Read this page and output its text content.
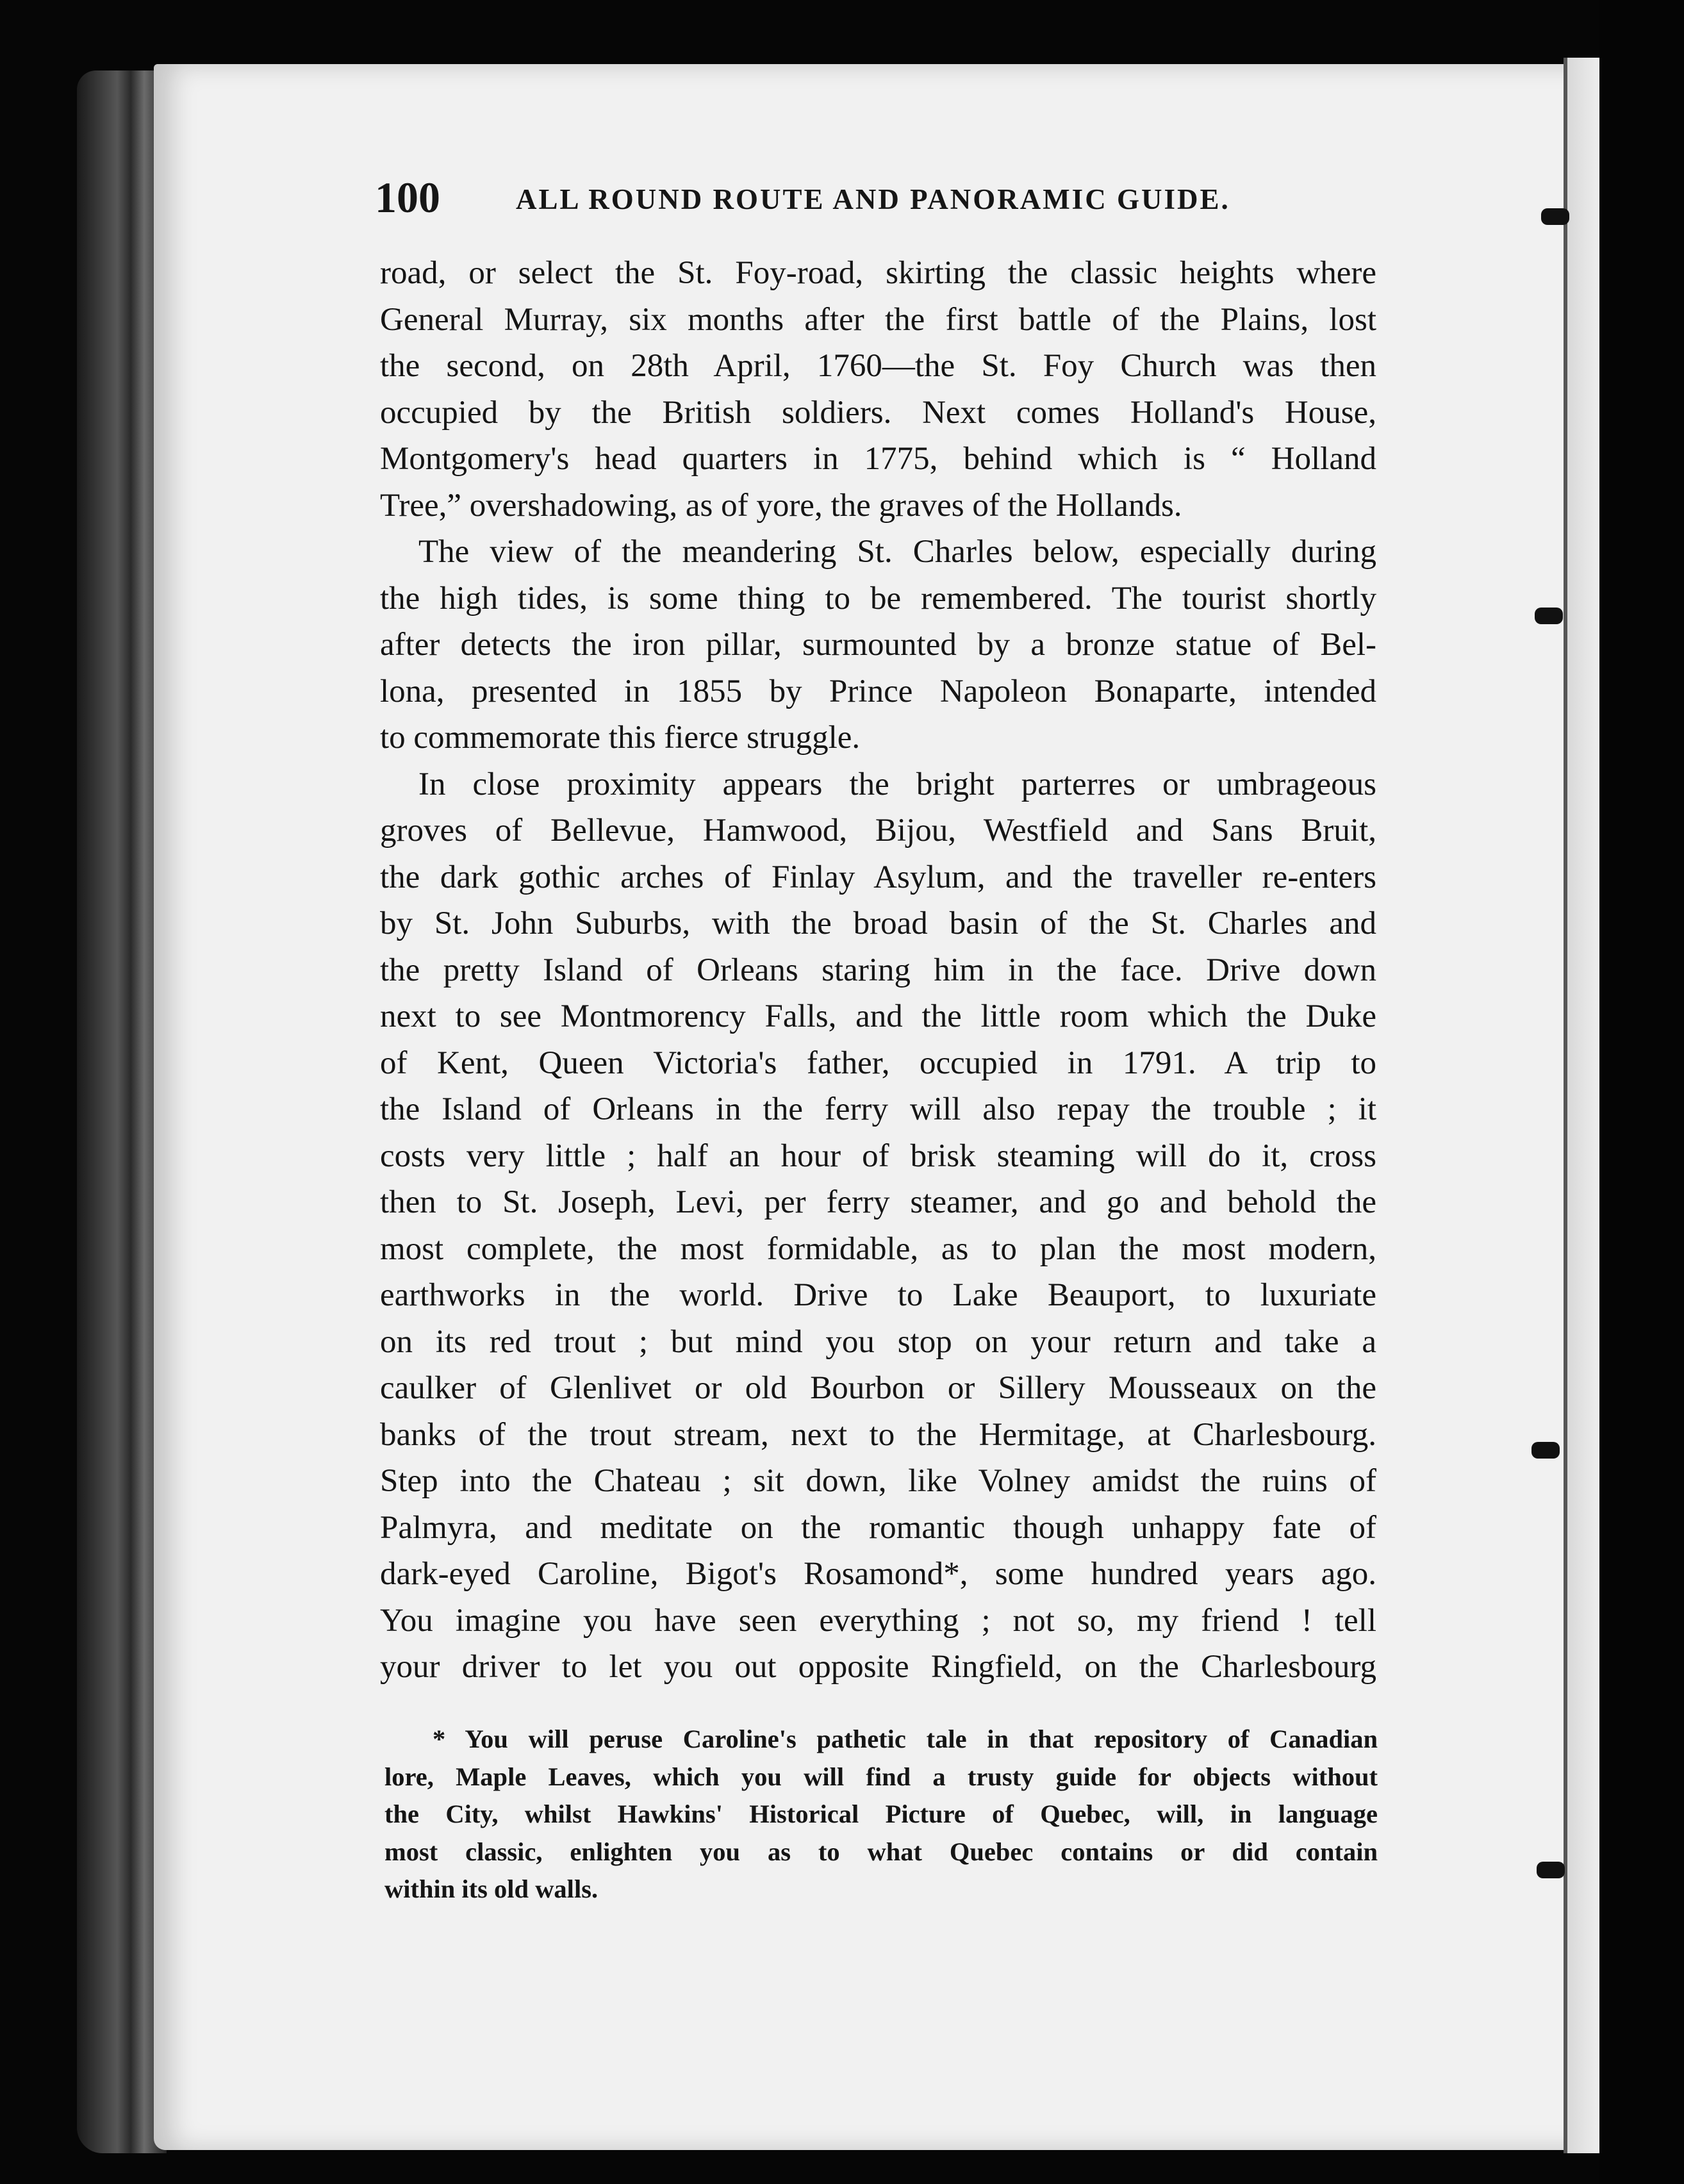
100	ALL ROUND ROUTE AND PANORAMIC GUIDE.
road, or select the St. Foy-road, skirting the classic heights where
General Murray, six months after the first battle of the Plains, lost
the second, on 28th April, 1760—the St. Foy Church was then
occupied by the British soldiers. Next comes Holland's House,
Montgomery's head quarters in 1775, behind which is “ Holland
Tree,” overshadowing, as of yore, the graves of the Hollands.
The view of the meandering St. Charles below, especially during
the high tides, is some thing to be remembered. The tourist shortly
after detects the iron pillar, surmounted by a bronze statue of Bel-
lona, presented in 1855 by Prince Napoleon Bonaparte, intended
to commemorate this fierce struggle.
In close proximity appears the bright parterres or umbrageous
groves of Bellevue, Hamwood, Bijou, Westfield and Sans Bruit,
the dark gothic arches of Finlay Asylum, and the traveller re-enters
by St. John Suburbs, with the broad basin of the St. Charles and
the pretty Island of Orleans staring him in the face. Drive down
next to see Montmorency Falls, and the little room which the Duke
of Kent, Queen Victoria's father, occupied in 1791. A trip to
the Island of Orleans in the ferry will also repay the trouble ; it
costs very little ; half an hour of brisk steaming will do it, cross
then to St. Joseph, Levi, per ferry steamer, and go and behold the
most complete, the most formidable, as to plan the most modern,
earthworks in the world. Drive to Lake Beauport, to luxuriate
on its red trout ; but mind you stop on your return and take a
caulker of Glenlivet or old Bourbon or Sillery Mousseaux on the
banks of the trout stream, next to the Hermitage, at Charlesbourg.
Step into the Chateau ; sit down, like Volney amidst the ruins of
Palmyra, and meditate on the romantic though unhappy fate of
dark-eyed Caroline, Bigot's Rosamond*, some hundred years ago.
You imagine you have seen everything ; not so, my friend ! tell
your driver to let you out opposite Ringfield, on the Charlesbourg
* You will peruse Caroline's pathetic tale in that repository of Canadian
lore, Maple Leaves, which you will find a trusty guide for objects without
the City, whilst Hawkins' Historical Picture of Quebec, will, in language
most classic, enlighten you as to what Quebec contains or did contain
within its old walls.
